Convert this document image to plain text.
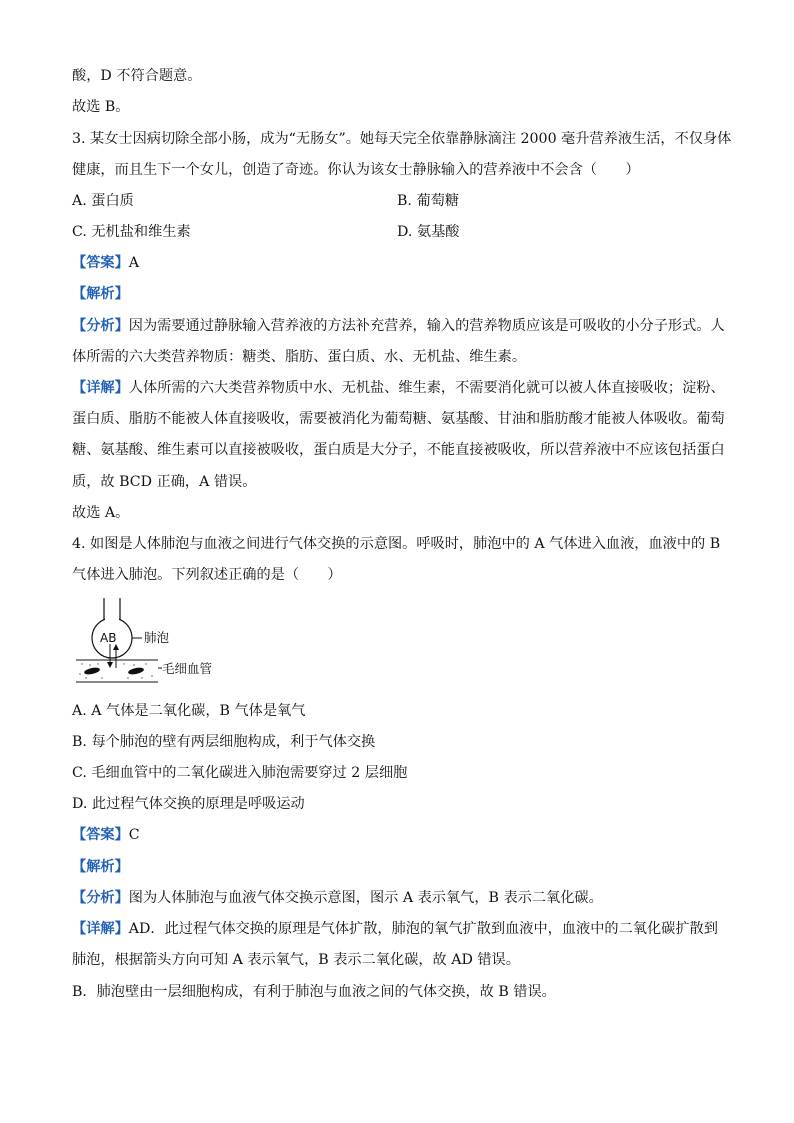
酸，D 不符合题意。
故选 B。
3. 某女士因病切除全部小肠，成为“无肠女”。她每天完全依靠静脉滴注 2000 毫升营养液生活，不仅身体
健康，而且生下一个女儿，创造了奇迹。你认为该女士静脉输入的营养液中不会含（　　）
A. 蛋白质	B. 葡萄糖
C. 无机盐和维生素	D. 氨基酸
【答案】A
【解析】
【分析】因为需要通过静脉输入营养液的方法补充营养，输入的营养物质应该是可吸收的小分子形式。人
体所需的六大类营养物质：糖类、脂肪、蛋白质、水、无机盐、维生素。
【详解】人体所需的六大类营养物质中水、无机盐、维生素，不需要消化就可以被人体直接吸收；淀粉、
蛋白质、脂肪不能被人体直接吸收，需要被消化为葡萄糖、氨基酸、甘油和脂肪酸才能被人体吸收。葡萄
糖、氨基酸、维生素可以直接被吸收，蛋白质是大分子，不能直接被吸收，所以营养液中不应该包括蛋白
质，故 BCD 正确，A 错误。
故选 A。
4. 如图是人体肺泡与血液之间进行气体交换的示意图。呼吸时，肺泡中的 A 气体进入血液，血液中的 B
气体进入肺泡。下列叙述正确的是（　　）
AB 肺泡
毛细血管
A. A 气体是二氧化碳，B 气体是氧气
B. 每个肺泡的壁有两层细胞构成，利于气体交换
C. 毛细血管中的二氧化碳进入肺泡需要穿过 2 层细胞
D. 此过程气体交换的原理是呼吸运动
【答案】C
【解析】
【分析】图为人体肺泡与血液气体交换示意图，图示 A 表示氧气，B 表示二氧化碳。
【详解】AD．此过程气体交换的原理是气体扩散，肺泡的氧气扩散到血液中，血液中的二氧化碳扩散到
肺泡，根据箭头方向可知 A 表示氧气，B 表示二氧化碳，故 AD 错误。
B．肺泡壁由一层细胞构成，有利于肺泡与血液之间的气体交换，故 B 错误。
